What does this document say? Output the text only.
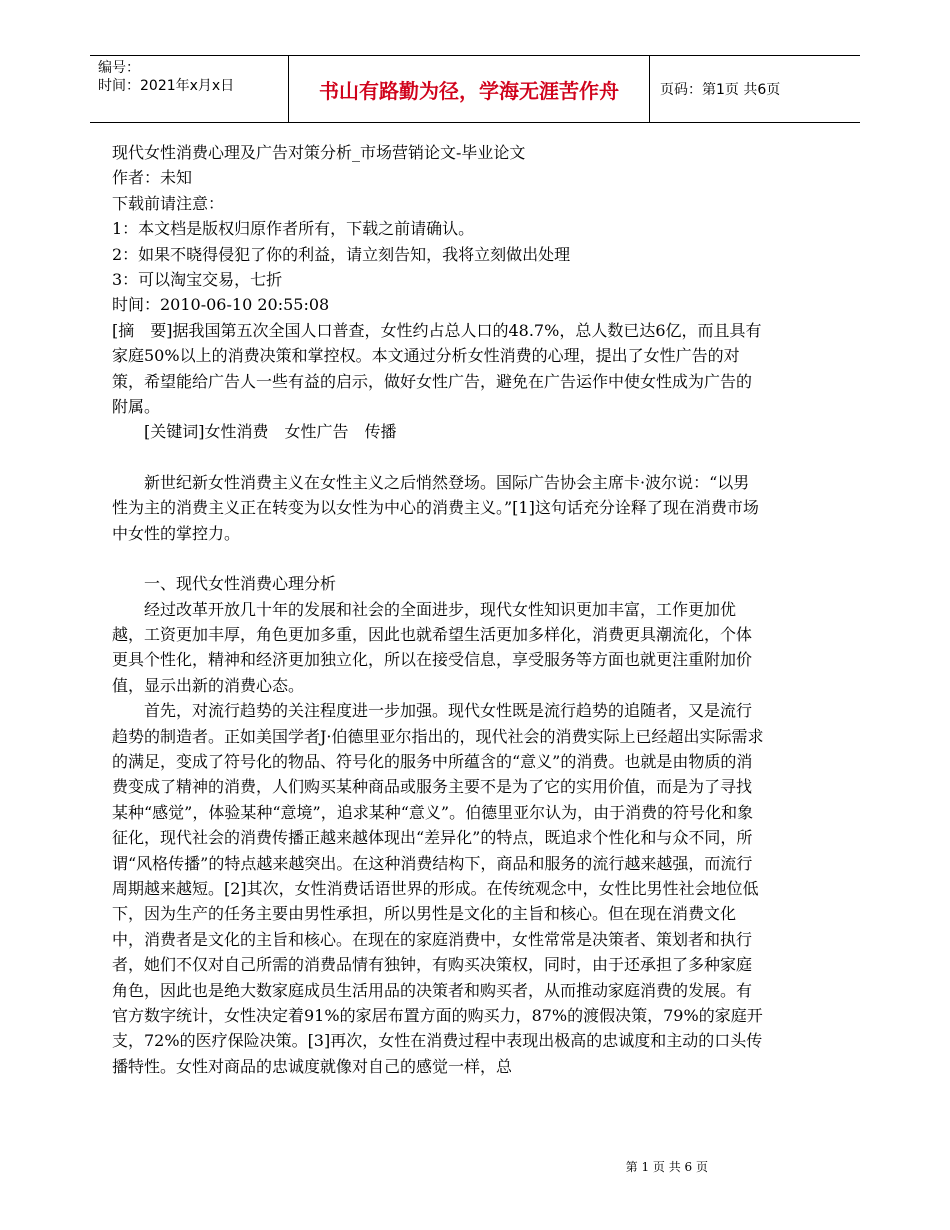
编号：
时间：2021年x月x日	书山有路勤为径，学海无涯苦作舟	页码：第1页 共6页

现代女性消费心理及广告对策分析_市场营销论文-毕业论文

作者：未知

下载前请注意：

1：本文档是版权归原作者所有，下载之前请确认。

2：如果不晓得侵犯了你的利益，请立刻告知，我将立刻做出处理

3：可以淘宝交易，七折

时间：2010-06-10 20:55:08

[摘　要]据我国第五次全国人口普查，女性约占总人口的48.7%，总人数已达6亿，而且具有家庭50%以上的消费决策和掌控权。本文通过分析女性消费的心理，提出了女性广告的对策，希望能给广告人一些有益的启示，做好女性广告，避免在广告运作中使女性成为广告的附属。

[关键词]女性消费　女性广告　传播

新世纪新女性消费主义在女性主义之后悄然登场。国际广告协会主席卡·波尔说：“以男性为主的消费主义正在转变为以女性为中心的消费主义。”[1]这句话充分诠释了现在消费市场中女性的掌控力。

一、现代女性消费心理分析

经过改革开放几十年的发展和社会的全面进步，现代女性知识更加丰富，工作更加优越，工资更加丰厚，角色更加多重，因此也就希望生活更加多样化，消费更具潮流化，个体更具个性化，精神和经济更加独立化，所以在接受信息，享受服务等方面也就更注重附加价值，显示出新的消费心态。

首先，对流行趋势的关注程度进一步加强。现代女性既是流行趋势的追随者，又是流行趋势的制造者。正如美国学者J·伯德里亚尔指出的，现代社会的消费实际上已经超出实际需求的满足，变成了符号化的物品、符号化的服务中所蕴含的“意义”的消费。也就是由物质的消费变成了精神的消费，人们购买某种商品或服务主要不是为了它的实用价值，而是为了寻找某种“感觉”，体验某种“意境”，追求某种“意义”。伯德里亚尔认为，由于消费的符号化和象征化，现代社会的消费传播正越来越体现出“差异化”的特点，既追求个性化和与众不同，所谓“风格传播”的特点越来越突出。在这种消费结构下，商品和服务的流行越来越强，而流行周期越来越短。[2]其次，女性消费话语世界的形成。在传统观念中，女性比男性社会地位低下，因为生产的任务主要由男性承担，所以男性是文化的主旨和核心。但在现在消费文化中，消费者是文化的主旨和核心。在现在的家庭消费中，女性常常是决策者、策划者和执行者，她们不仅对自己所需的消费品情有独钟，有购买决策权，同时，由于还承担了多种家庭角色，因此也是绝大数家庭成员生活用品的决策者和购买者，从而推动家庭消费的发展。有官方数字统计，女性决定着91%的家居布置方面的购买力，87%的渡假决策，79%的家庭开支，72%的医疗保险决策。[3]再次，女性在消费过程中表现出极高的忠诚度和主动的口头传播特性。女性对商品的忠诚度就像对自己的感觉一样，总

第 1 页 共 6 页
